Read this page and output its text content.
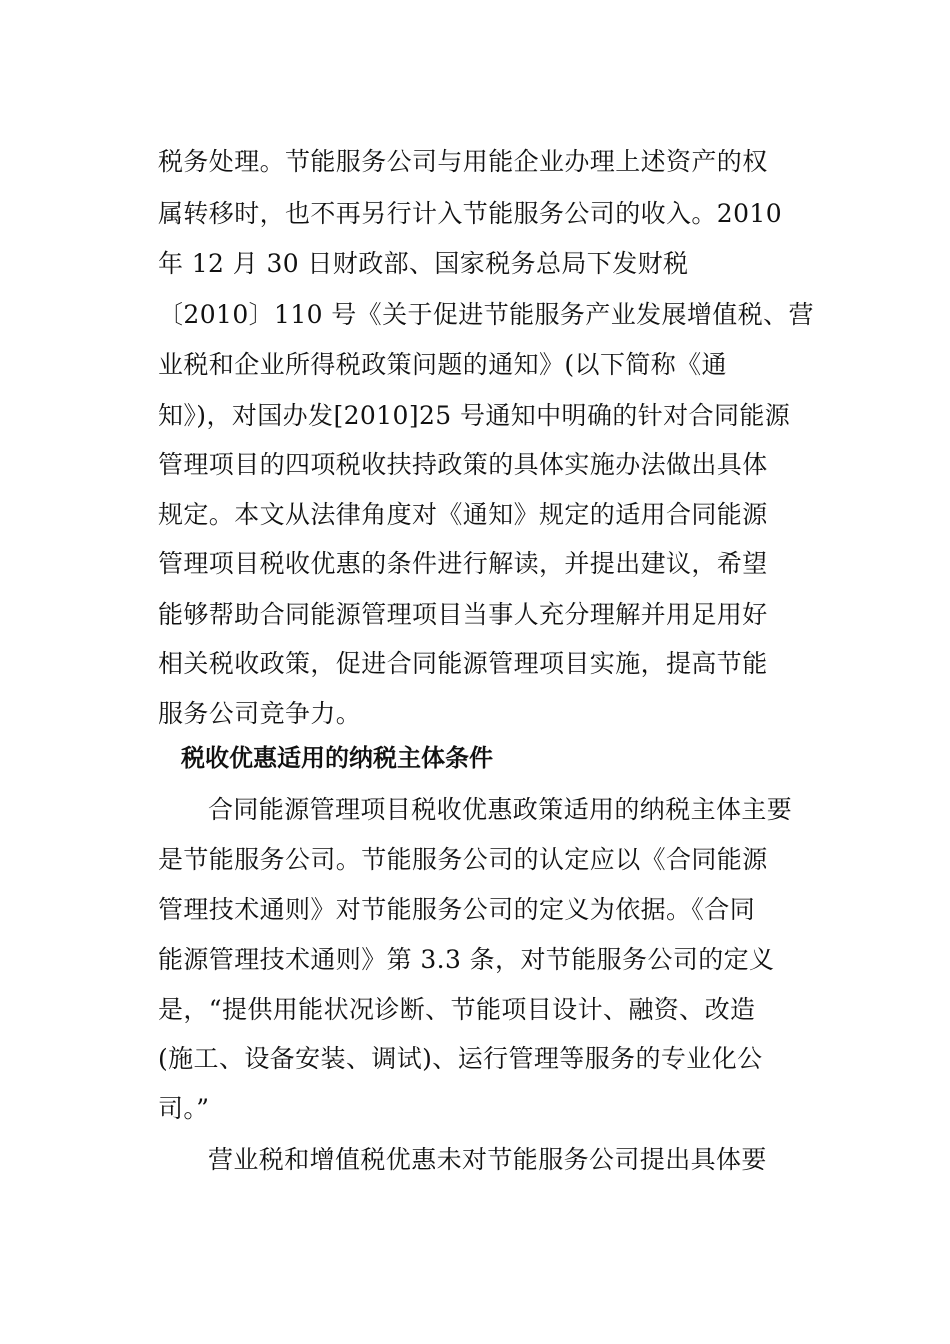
税务处理。节能服务公司与用能企业办理上述资产的权
属转移时，也不再另行计入节能服务公司的收入。2010
年 12 月 30 日财政部、国家税务总局下发财税
〔2010〕110 号《关于促进节能服务产业发展增值税、营
业税和企业所得税政策问题的通知》(以下简称《通
知》)，对国办发[2010]25 号通知中明确的针对合同能源
管理项目的四项税收扶持政策的具体实施办法做出具体
规定。本文从法律角度对《通知》规定的适用合同能源
管理项目税收优惠的条件进行解读，并提出建议，希望
能够帮助合同能源管理项目当事人充分理解并用足用好
相关税收政策，促进合同能源管理项目实施，提高节能
服务公司竞争力。
税收优惠适用的纳税主体条件
合同能源管理项目税收优惠政策适用的纳税主体主要
是节能服务公司。节能服务公司的认定应以《合同能源
管理技术通则》对节能服务公司的定义为依据。《合同
能源管理技术通则》第 3.3 条，对节能服务公司的定义
是，“提供用能状况诊断、节能项目设计、融资、改造
(施工、设备安装、调试)、运行管理等服务的专业化公
司。”
营业税和增值税优惠未对节能服务公司提出具体要
